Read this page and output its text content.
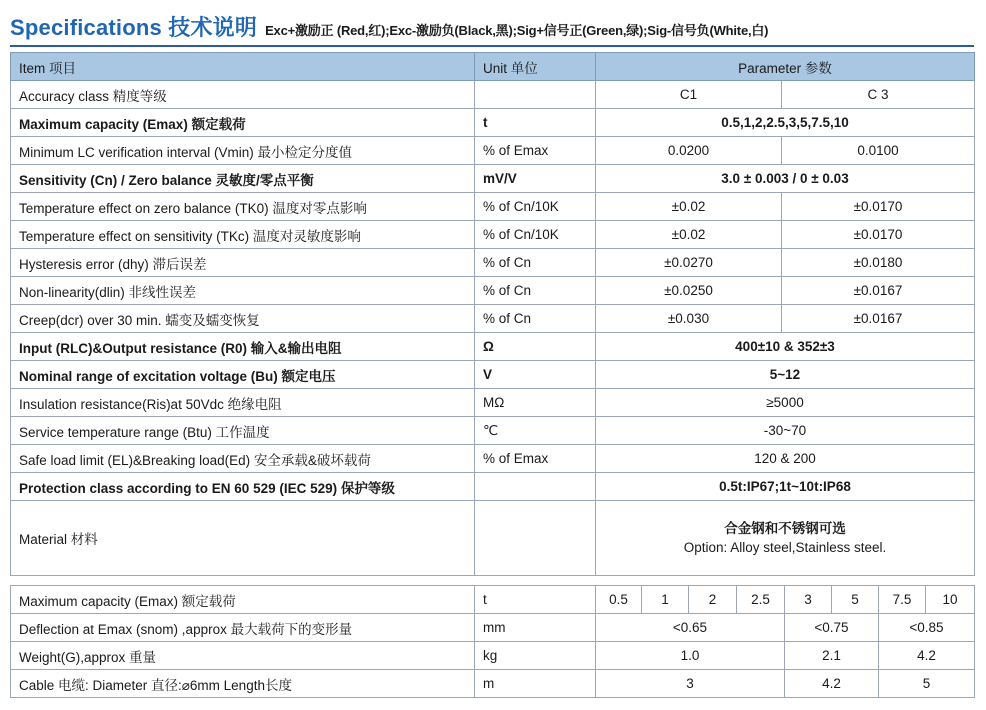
Specifications 技术说明 Exc+激励正 (Red,红);Exc-激励负(Black,黑);Sig+信号正(Green,绿);Sig-信号负(White,白)
Item 项目	Unit 单位	Parameter 参数	
Accuracy class 精度等级		C1	C 3
Maximum capacity (Emax) 额定载荷	t	0.5,1,2,2.5,3,5,7.5,10	
Minimum LC verification interval (Vmin) 最小检定分度值	% of Emax	0.0200	0.0100
Sensitivity (Cn) / Zero balance 灵敏度/零点平衡	mV/V	3.0 ± 0.003 / 0 ± 0.03	
Temperature effect on zero balance (TK0) 温度对零点影响	% of Cn/10K	±0.02	±0.0170
Temperature effect on sensitivity (TKc) 温度对灵敏度影响	% of Cn/10K	±0.02	±0.0170
Hysteresis error (dhy) 滞后误差	% of Cn	±0.0270	±0.0180
Non-linearity(dlin) 非线性误差	% of Cn	±0.0250	±0.0167
Creep(dcr) over 30 min. 蠕变及蠕变恢复	% of Cn	±0.030	±0.0167
Input (RLC)&Output resistance (R0) 输入&输出电阻	Ω	400±10 & 352±3	
Nominal range of excitation voltage (Bu) 额定电压	V	5~12	
Insulation resistance(Ris)at 50Vdc 绝缘电阻	MΩ	≥5000	
Service temperature range (Btu) 工作温度	℃	-30~70	
Safe load limit (EL)&Breaking load(Ed) 安全承载&破坏载荷	% of Emax	120 & 200	
Protection class according to EN 60 529 (IEC 529) 保护等级		0.5t:IP67;1t~10t:IP68	
Material 材料		合金钢和不锈钢可选
Option: Alloy steel,Stainless steel.	
Maximum capacity (Emax) 额定载荷	t	0.5	1	2	2.5	3	5	7.5	10
Deflection at Emax (snom) ,approx 最大载荷下的变形量	mm	<0.65				<0.75		<0.85	
Weight(G),approx 重量	kg	1.0				2.1		4.2	
Cable 电缆: Diameter 直径:⌀6mm Length长度	m	3				4.2		5	
